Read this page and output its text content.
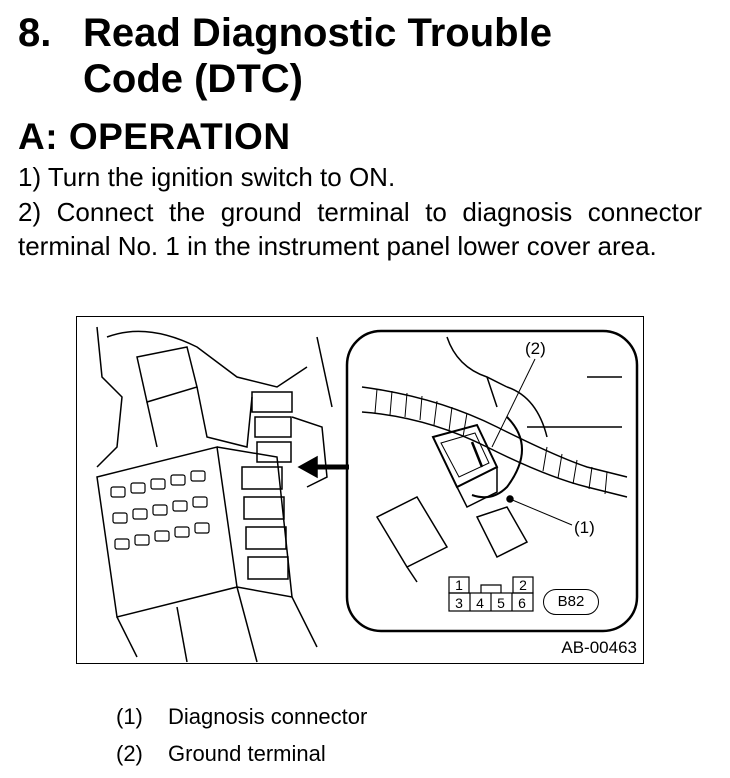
8. Read Diagnostic Trouble Code (DTC)
A: OPERATION
1) Turn the ignition switch to ON.
2) Connect the ground terminal to diagnosis connector terminal No. 1 in the instrument panel lower cover area.
(2)
(1)
1	2
3 4 5 6	B82
AB-00463
(1) Diagnosis connector
(2) Ground terminal
